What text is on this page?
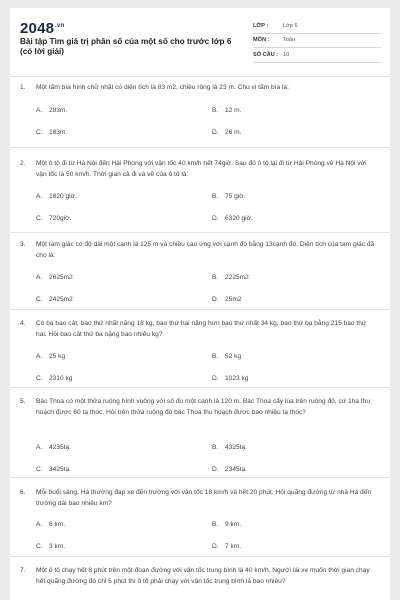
$2048^{.vn}$
Bài tập Tìm giá trị phân số của một số cho trước lớp 6 (có lời giải)
LỚP :	Lớp 6
MÔN :	Toán
SỐ CÂU : 10
1.	Một tấm bìa hình chữ nhật có diện tích là 83 m2, chiều rộng là 23 m. Chu vi tấm bìa là:
A. 283m.	B. 12 m.
C. 183m.	D. 26 m.
2.	Một ô tô đi từ Hà Nội đến Hải Phòng với vận tốc 40 km/h hết 74giờ. Sau đó ô tô lại đi từ Hải Phòng về Hà Nội với vận tốc là 50 km/h. Thời gian cả đi và về của ô tô là:
A. 1820 giờ.	B. 75 giờ.
C. 720giờ.	D. 6320 giờ.
3.	Một tam giác có độ dài một cạnh là 125 m và chiều cao ứng với cạnh đó bằng 13cạnh đó. Diện tích của tam giác đã cho là:
A. 2625m2	B. 2225m2
C. 2425m2	D. 25m2
4.	Có ba bao cát, bao thứ nhất nặng 18 kg, bao thứ hai nặng hơn bao thứ nhất 34 kg, bao thứ ba bằng 215 bao thứ hai. Hỏi bao cát thứ ba nặng bao nhiêu kg?
A. 25 kg	B. 52 kg
C. 2310 kg	D. 1023 kg
5.	Bác Thoa có một thửa ruộng hình vuông với số đo một cạnh là 120 m. Bác Thoa cấy lúa trên ruộng đó, cứ 1ha thu hoạch được 60 tạ thóc. Hỏi trên thửa ruộng đó bác Thoa thu hoạch được bao nhiêu tạ thóc?
A. 4235tạ.	B. 4325tạ.
C. 3425tạ.	D. 2345tạ.
6.	Mỗi buổi sáng, Hà thường đạp xe đến trường với vận tốc 18 km/h và hết 20 phút. Hỏi quãng đường từ nhà Hà đến trường dài bao nhiêu km?
A. 6 km.	B. 9 km.
C. 3 km.	D. 7 km.
7.	Một ô tô chạy hết 8 phút trên một đoạn đường với vận tốc trung bình là 40 km/h. Người lái xe muốn thời gian chạy hết quãng đường đó chỉ 5 phút thì ô tô phải chạy với vận tốc trung bình là bao nhiêu?
